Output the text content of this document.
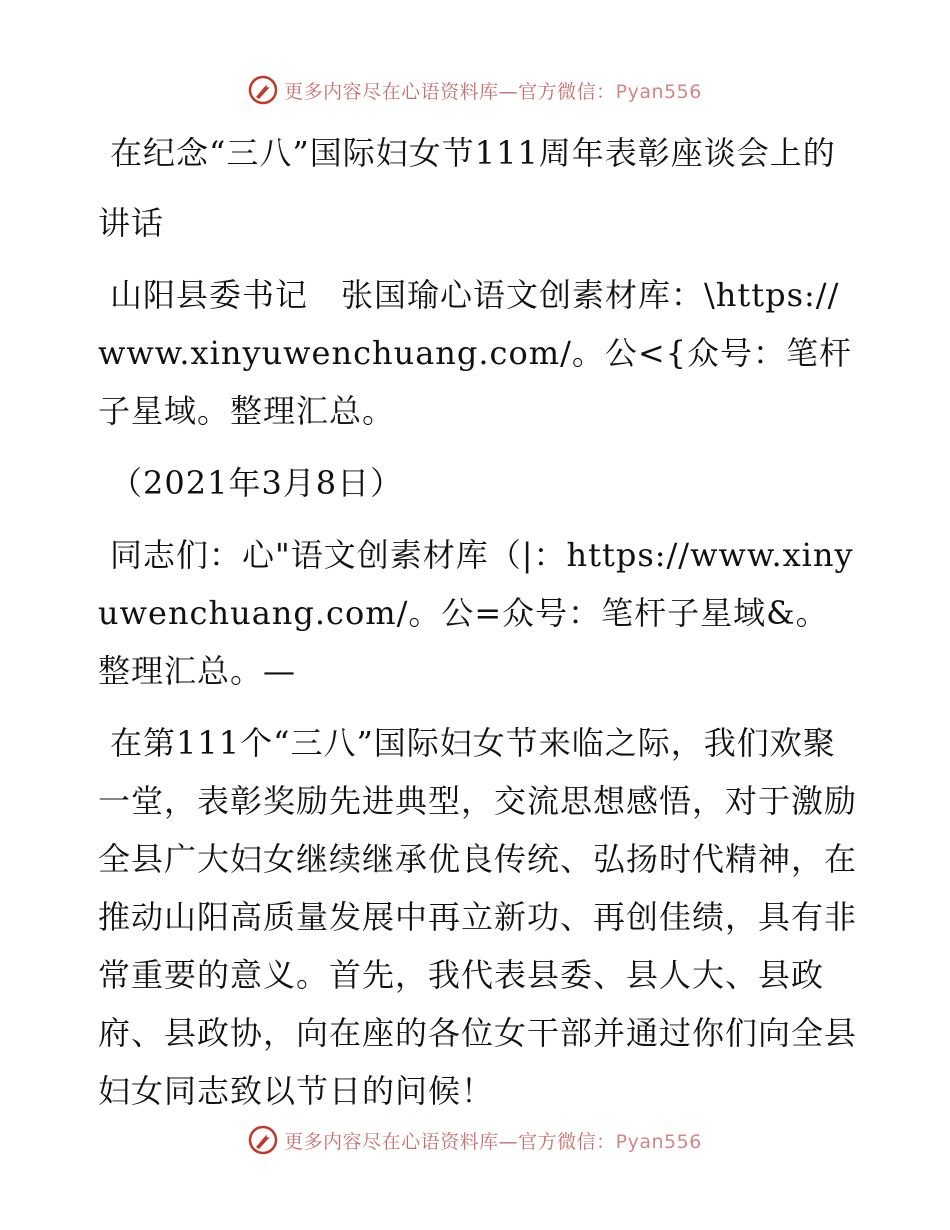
更多内容尽在心语资料库—官方微信：Pyan556

在纪念“三八”国际妇女节111周年表彰座谈会上的讲话

山阳县委书记　张国瑜心语文创素材库：\https://www.xinyuwenchuang.com/。公<{众号：笔杆子星域。整理汇总。

（2021年3月8日）

同志们：心"语文创素材库（|：https://www.xinyuwenchuang.com/。公=众号：笔杆子星域&。整理汇总。—

在第111个“三八”国际妇女节来临之际，我们欢聚一堂，表彰奖励先进典型，交流思想感悟，对于激励全县广大妇女继续继承优良传统、弘扬时代精神，在推动山阳高质量发展中再立新功、再创佳绩，具有非常重要的意义。首先，我代表县委、县人大、县政府、县政协，向在座的各位女干部并通过你们向全县妇女同志致以节日的问候！

更多内容尽在心语资料库—官方微信：Pyan556
